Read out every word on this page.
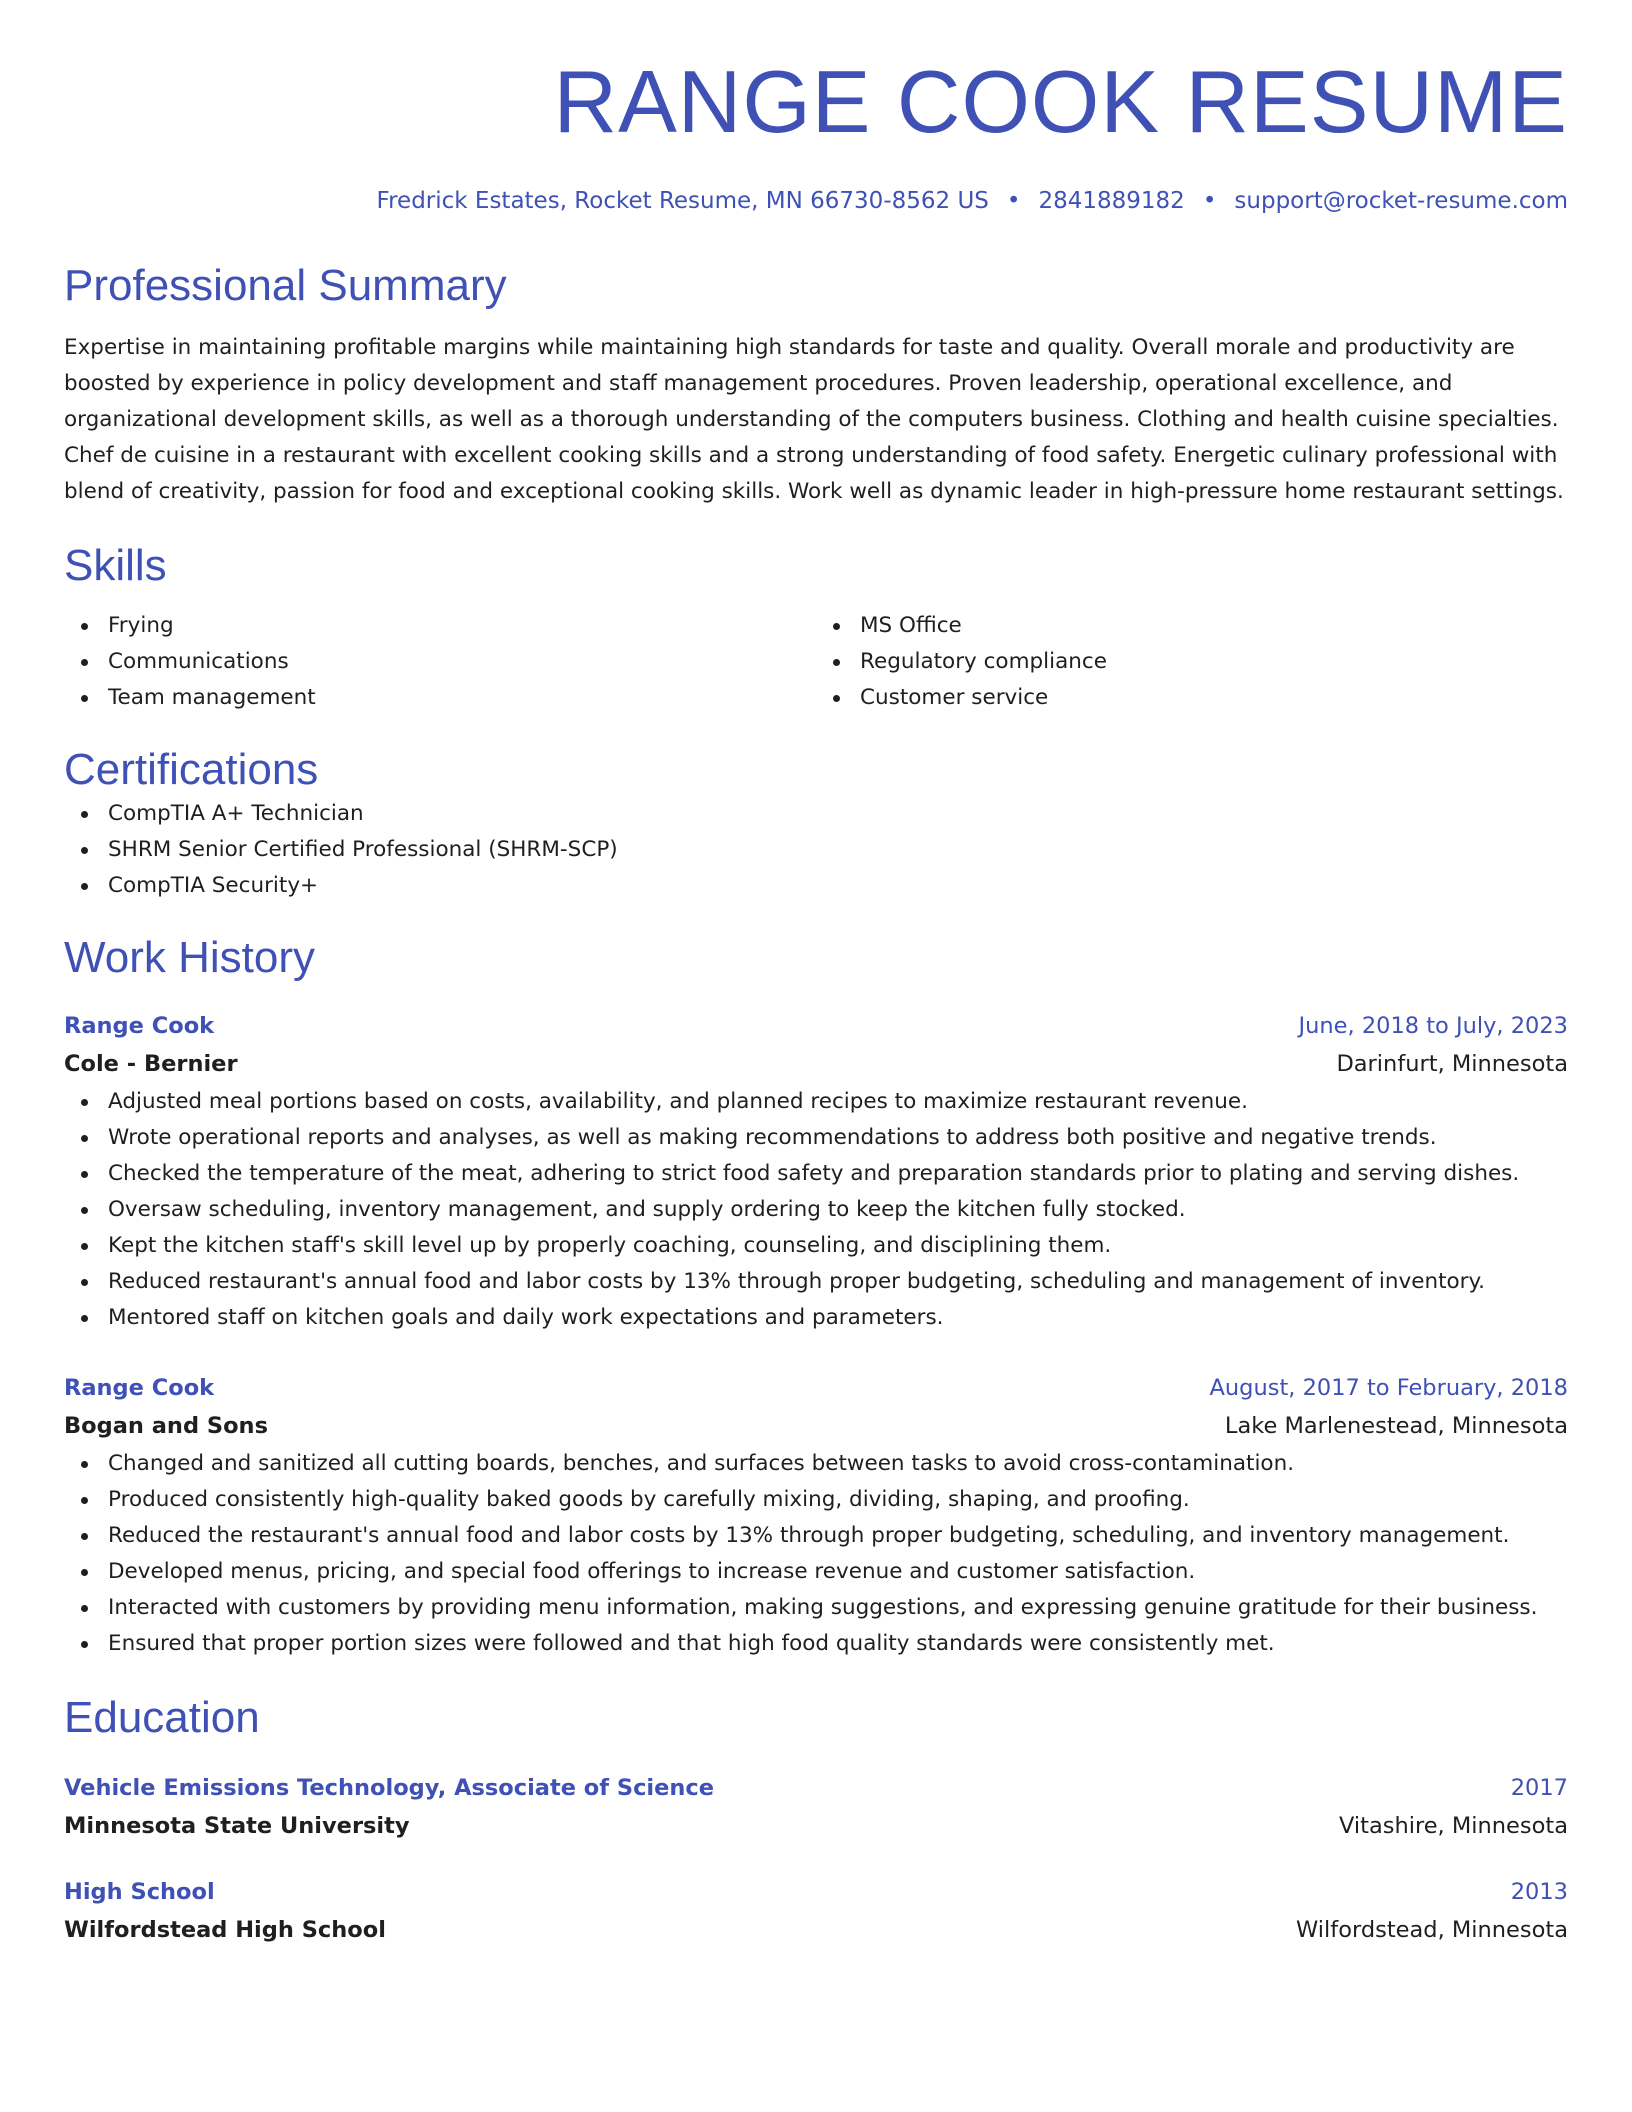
RANGE COOK RESUME
Fredrick Estates, Rocket Resume, MN 66730-8562 US • 2841889182 • support@rocket-resume.com
Professional Summary
Expertise in maintaining profitable margins while maintaining high standards for taste and quality. Overall morale and productivity are boosted by experience in policy development and staff management procedures. Proven leadership, operational excellence, and organizational development skills, as well as a thorough understanding of the computers business. Clothing and health cuisine specialties. Chef de cuisine in a restaurant with excellent cooking skills and a strong understanding of food safety. Energetic culinary professional with blend of creativity, passion for food and exceptional cooking skills. Work well as dynamic leader in high-pressure home restaurant settings.
Skills
Frying
Communications
Team management
MS Office
Regulatory compliance
Customer service
Certifications
CompTIA A+ Technician
SHRM Senior Certified Professional (SHRM-SCP)
CompTIA Security+
Work History
Range Cook	June, 2018 to July, 2023
Cole - Bernier	Darinfurt, Minnesota
Adjusted meal portions based on costs, availability, and planned recipes to maximize restaurant revenue.
Wrote operational reports and analyses, as well as making recommendations to address both positive and negative trends.
Checked the temperature of the meat, adhering to strict food safety and preparation standards prior to plating and serving dishes.
Oversaw scheduling, inventory management, and supply ordering to keep the kitchen fully stocked.
Kept the kitchen staff's skill level up by properly coaching, counseling, and disciplining them.
Reduced restaurant's annual food and labor costs by 13% through proper budgeting, scheduling and management of inventory.
Mentored staff on kitchen goals and daily work expectations and parameters.
Range Cook	August, 2017 to February, 2018
Bogan and Sons	Lake Marlenestead, Minnesota
Changed and sanitized all cutting boards, benches, and surfaces between tasks to avoid cross-contamination.
Produced consistently high-quality baked goods by carefully mixing, dividing, shaping, and proofing.
Reduced the restaurant's annual food and labor costs by 13% through proper budgeting, scheduling, and inventory management.
Developed menus, pricing, and special food offerings to increase revenue and customer satisfaction.
Interacted with customers by providing menu information, making suggestions, and expressing genuine gratitude for their business.
Ensured that proper portion sizes were followed and that high food quality standards were consistently met.
Education
Vehicle Emissions Technology, Associate of Science	2017
Minnesota State University	Vitashire, Minnesota
High School	2013
Wilfordstead High School	Wilfordstead, Minnesota
